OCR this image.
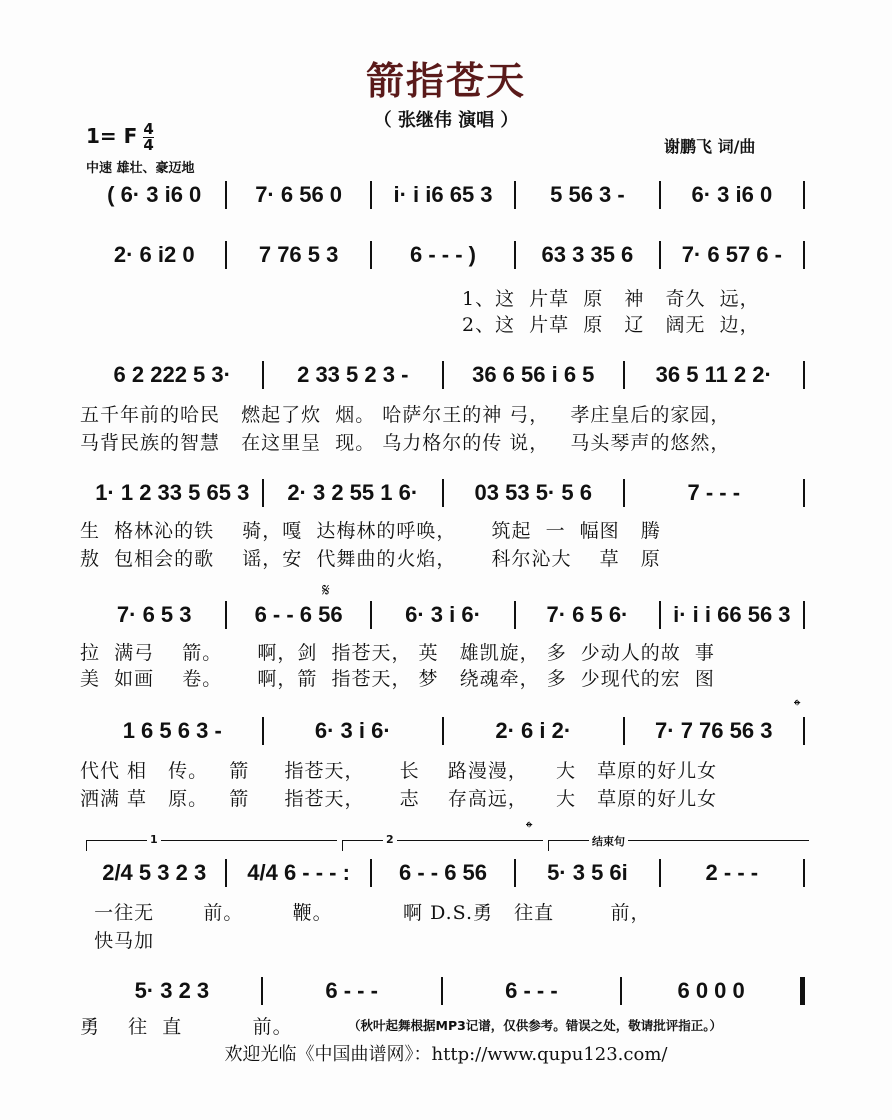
箭指苍天
（ 张继伟 演唱 ）
1= F $\frac{4}{4}$	谢鹏飞 词/曲
中速 雄壮、豪迈地
( 6· 3 i6 0	7· 6 56 0	i· i i6 65 3	5 56 3 -	6· 3 i6 0
2· 6 i2 0	7 76 5 3	6 - - - )	63 3 35 6	7· 6 57 6 -
1、这  片草  原   神   奇久  远，
2、这  片草  原   辽   阔无  边，
6 2 222 5 3·	2 33 5 2 3 -	36 6 56 i 6 5	36 5 11 2 2·
五千年前的哈民   燃起了炊  烟。 哈萨尔王的神 弓，   孝庄皇后的家园，
马背民族的智慧   在这里呈  现。 乌力格尔的传 说，   马头琴声的悠然，
1· 1 2 33 5 65 3	2· 3 2 55 1 6·	03 53 5· 5 6	7 - - -
生  格林沁的铁    骑，嘎  达梅林的呼唤，     筑起  一  幅图   腾
敖  包相会的歌    谣，安  代舞曲的火焰，     科尔沁大    草   原
𝄋
7· 6 5 3	6 - - 6 56	6· 3 i 6·	7· 6 5 6·	i· i i 66 56 3
拉  满弓    箭。     啊，剑  指苍天， 英   雄凯旋， 多  少动人的故  事
美  如画    卷。     啊，箭  指苍天， 梦   绕魂牵， 多  少现代的宏  图
𝄌
1 6 5 6 3 -	6· 3 i 6·	2· 6 i 2·	7· 7 76 56 3
代代 相   传。   箭     指苍天，     长    路漫漫，    大   草原的好儿女
洒满 草   原。   箭     指苍天，     志    存高远，    大   草原的好儿女
1	2
𝄌
结束句
2/4 5 3 2 3	4/4 6 - - - :	6 - - 6 56	5· 3 5 6i	2 - - -
一往无       前。       鞭。          啊 D.S.勇   往直        前，
快马加
5· 3 2 3	6 - - -	6 - - -	6 0 0 0
勇    往  直          前。	（秋叶起舞根据MP3记谱，仅供参考。错误之处，敬请批评指正。）
欢迎光临《中国曲谱网》：http://www.qupu123.com/
